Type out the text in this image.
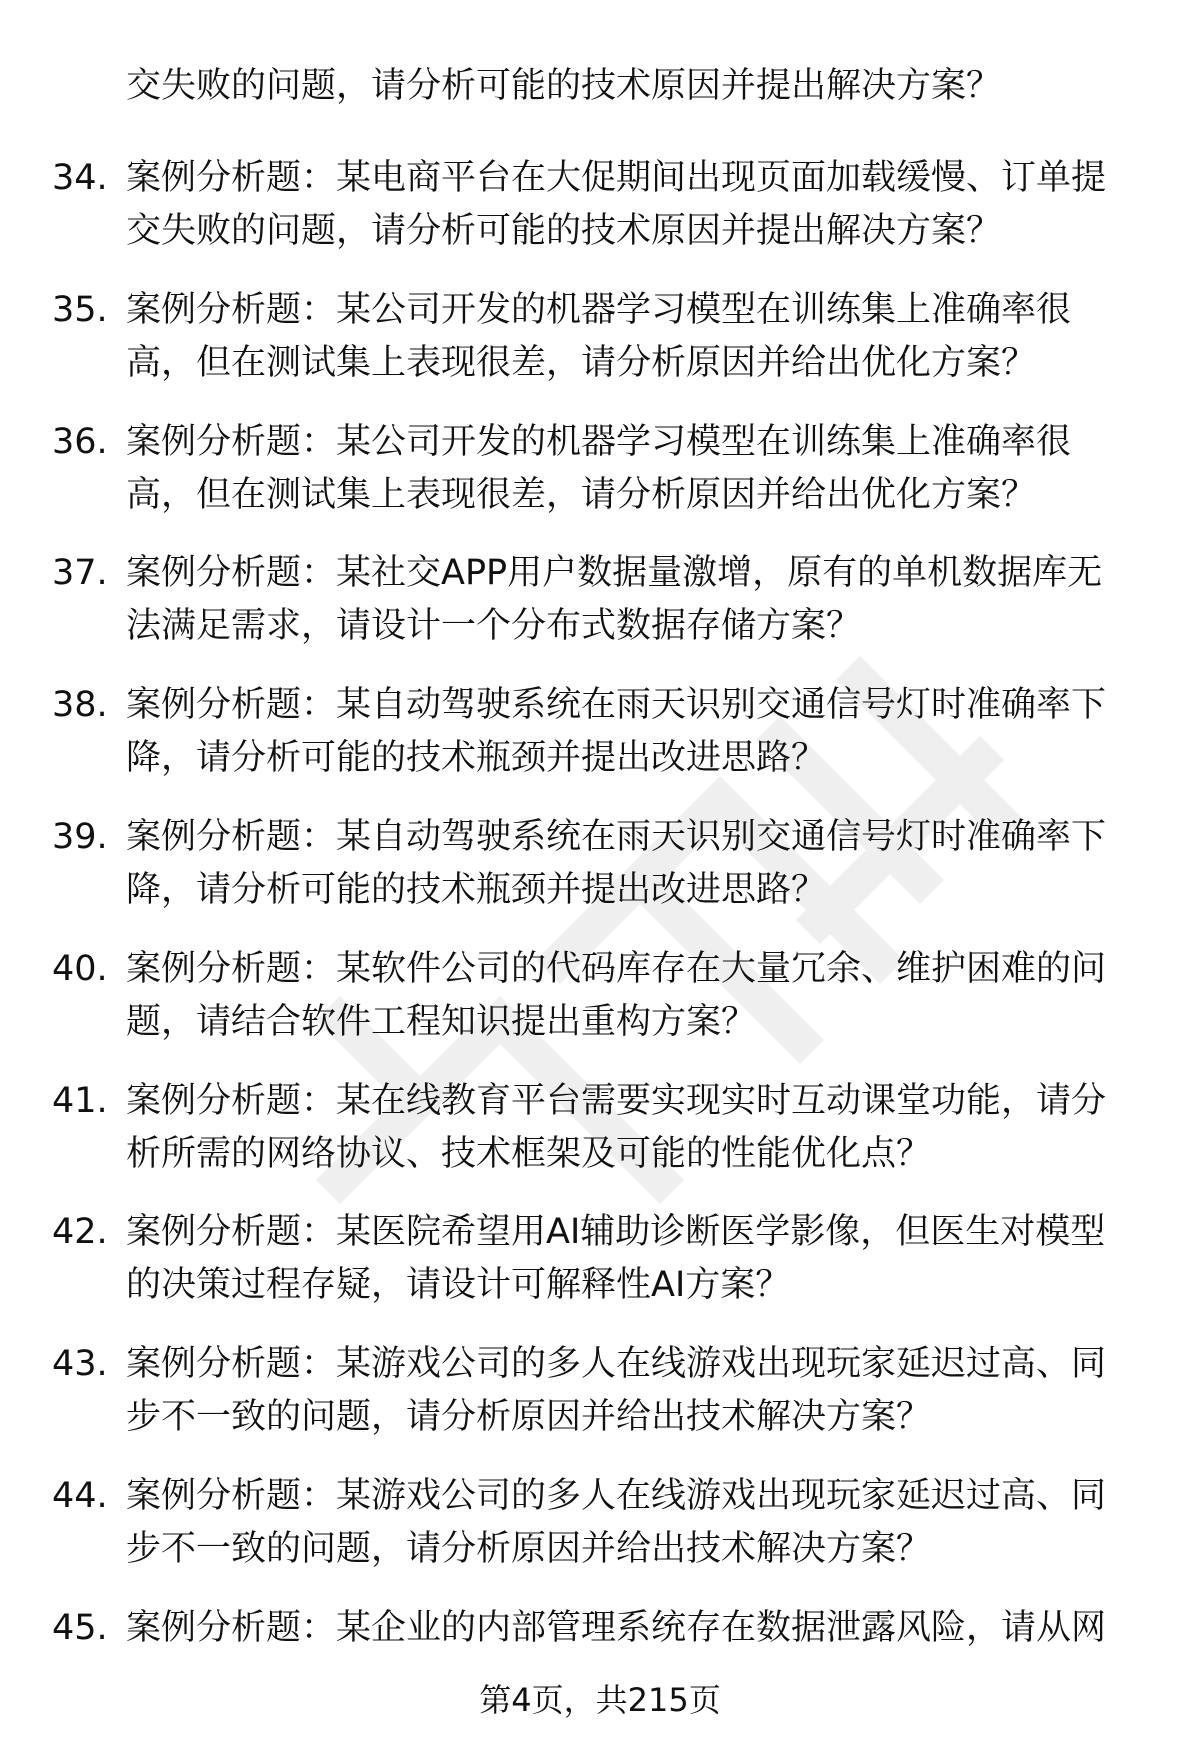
交失败的问题，请分析可能的技术原因并提出解决方案？
34. 案例分析题：某电商平台在大促期间出现页面加载缓慢、订单提
交失败的问题，请分析可能的技术原因并提出解决方案？
35. 案例分析题：某公司开发的机器学习模型在训练集上准确率很
高，但在测试集上表现很差，请分析原因并给出优化方案？
36. 案例分析题：某公司开发的机器学习模型在训练集上准确率很
高，但在测试集上表现很差，请分析原因并给出优化方案？
37. 案例分析题：某社交APP用户数据量激增，原有的单机数据库无
法满足需求，请设计一个分布式数据存储方案？
38. 案例分析题：某自动驾驶系统在雨天识别交通信号灯时准确率下
降，请分析可能的技术瓶颈并提出改进思路？
39. 案例分析题：某自动驾驶系统在雨天识别交通信号灯时准确率下
降，请分析可能的技术瓶颈并提出改进思路？
40. 案例分析题：某软件公司的代码库存在大量冗余、维护困难的问
题，请结合软件工程知识提出重构方案？
41. 案例分析题：某在线教育平台需要实现实时互动课堂功能，请分
析所需的网络协议、技术框架及可能的性能优化点？
42. 案例分析题：某医院希望用AI辅助诊断医学影像，但医生对模型
的决策过程存疑，请设计可解释性AI方案？
43. 案例分析题：某游戏公司的多人在线游戏出现玩家延迟过高、同
步不一致的问题，请分析原因并给出技术解决方案？
44. 案例分析题：某游戏公司的多人在线游戏出现玩家延迟过高、同
步不一致的问题，请分析原因并给出技术解决方案？
45. 案例分析题：某企业的内部管理系统存在数据泄露风险，请从网
第4页，共215页
